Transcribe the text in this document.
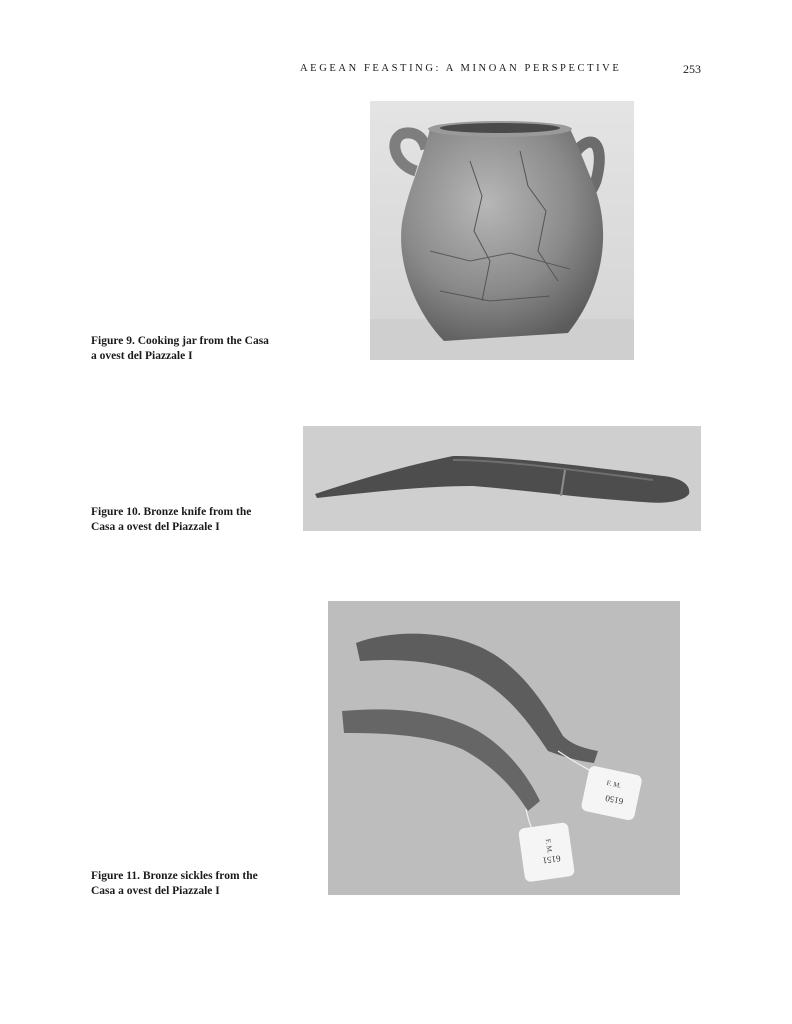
AEGEAN FEASTING: A MINOAN PERSPECTIVE	253
Figure 9. Cooking jar from the Casa
a ovest del Piazzale I
Figure 10. Bronze knife from the
Casa a ovest del Piazzale I
F. M.
6150
F. M.
6151
Figure 11. Bronze sickles from the
Casa a ovest del Piazzale I
